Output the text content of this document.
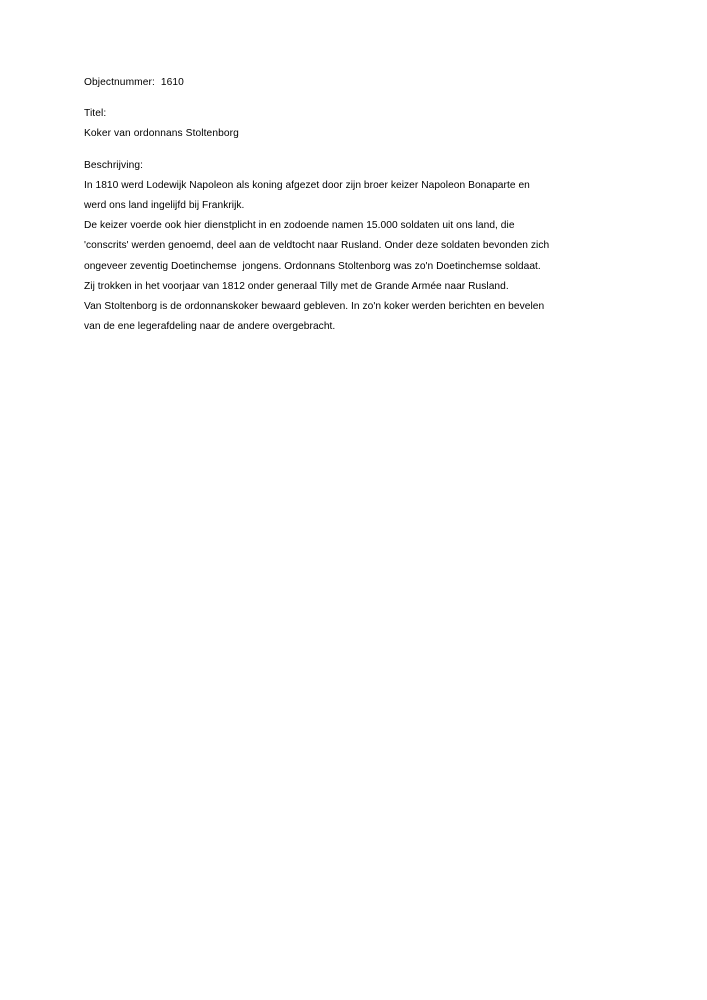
Objectnummer: 1610
Titel:
Koker van ordonnans Stoltenborg
Beschrijving:
In 1810 werd Lodewijk Napoleon als koning afgezet door zijn broer keizer Napoleon Bonaparte en
werd ons land ingelijfd bij Frankrijk.
De keizer voerde ook hier dienstplicht in en zodoende namen 15.000 soldaten uit ons land, die
'conscrits' werden genoemd, deel aan de veldtocht naar Rusland. Onder deze soldaten bevonden zich
ongeveer zeventig Doetinchemse  jongens. Ordonnans Stoltenborg was zo'n Doetinchemse soldaat.
Zij trokken in het voorjaar van 1812 onder generaal Tilly met de Grande Armée naar Rusland.
Van Stoltenborg is de ordonnanskoker bewaard gebleven. In zo'n koker werden berichten en bevelen
van de ene legerafdeling naar de andere overgebracht.
